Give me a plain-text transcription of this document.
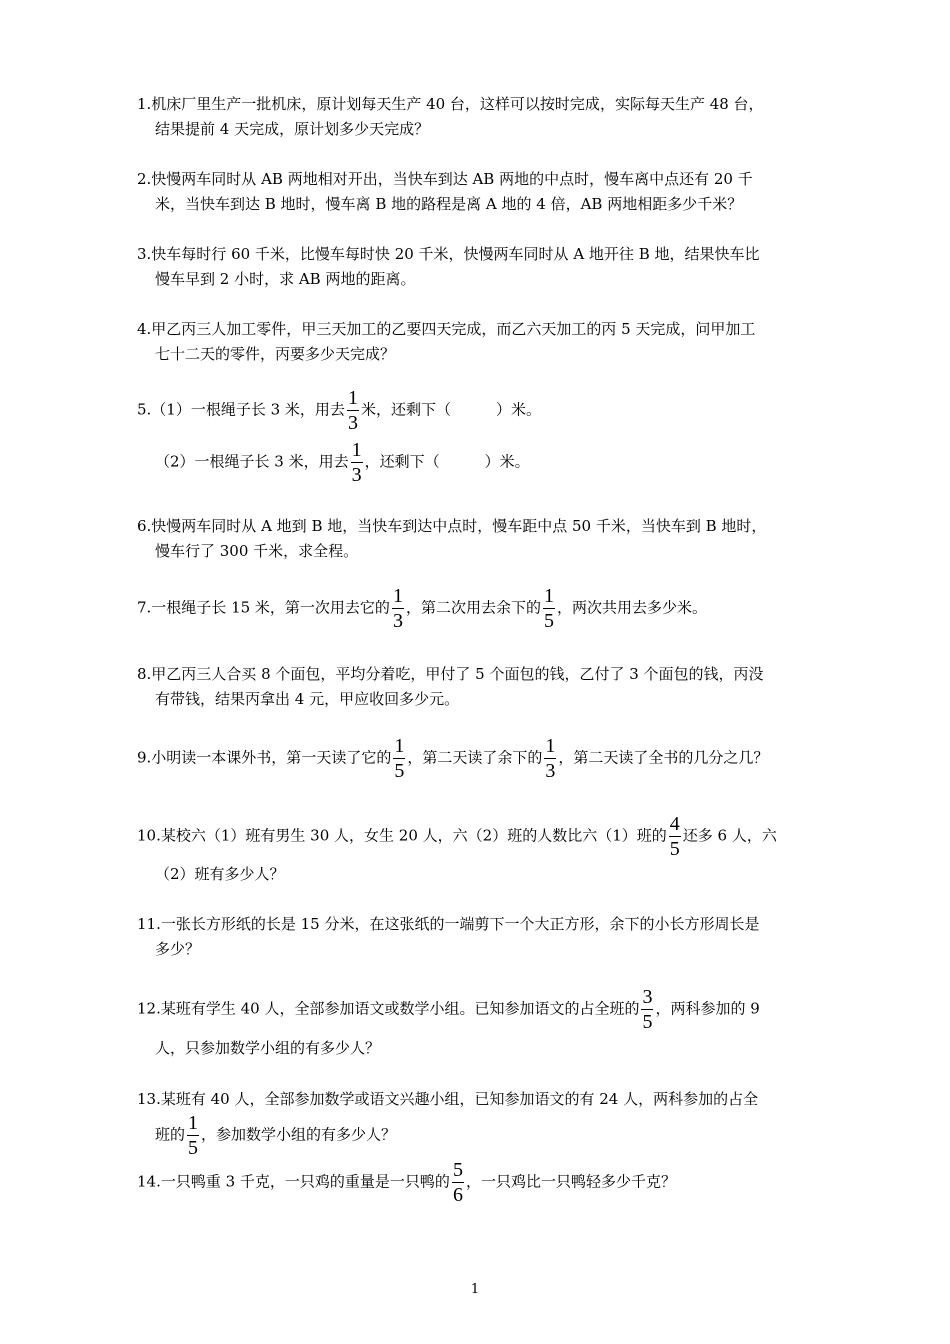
1.机床厂里生产一批机床，原计划每天生产 40 台，这样可以按时完成，实际每天生产 48 台，
结果提前 4 天完成，原计划多少天完成？
2.快慢两车同时从 AB 两地相对开出，当快车到达 AB 两地的中点时，慢车离中点还有 20 千
米，当快车到达 B 地时，慢车离 B 地的路程是离 A 地的 4 倍，AB 两地相距多少千米？
3.快车每时行 60 千米，比慢车每时快 20 千米，快慢两车同时从 A 地开往 B 地，结果快车比
慢车早到 2 小时，求 AB 两地的距离。
4.甲乙丙三人加工零件，甲三天加工的乙要四天完成，而乙六天加工的丙 5 天完成，问甲加工
七十二天的零件，丙要多少天完成？
5.（1）一根绳子长 3 米，用去 $\frac{1}{3}$ 米，还剩下（　　　）米。
（2）一根绳子长 3 米，用去 $\frac{1}{3}$ ，还剩下（　　　）米。
6.快慢两车同时从 A 地到 B 地，当快车到达中点时，慢车距中点 50 千米，当快车到 B 地时，
慢车行了 300 千米，求全程。
7.一根绳子长 15 米，第一次用去它的 $\frac{1}{3}$ ，第二次用去余下的 $\frac{1}{5}$ ，两次共用去多少米。
8.甲乙丙三人合买 8 个面包，平均分着吃，甲付了 5 个面包的钱，乙付了 3 个面包的钱，丙没
有带钱，结果丙拿出 4 元，甲应收回多少元。
9.小明读一本课外书，第一天读了它的 $\frac{1}{5}$ ，第二天读了余下的 $\frac{1}{3}$ ，第二天读了全书的几分之几？
10.某校六（1）班有男生 30 人，女生 20 人，六（2）班的人数比六（1）班的 $\frac{4}{5}$ 还多 6 人，六
（2）班有多少人？
11.一张长方形纸的长是 15 分米，在这张纸的一端剪下一个大正方形，余下的小长方形周长是
多少？
12.某班有学生 40 人，全部参加语文或数学小组。已知参加语文的占全班的 $\frac{3}{5}$ ，两科参加的 9
人，只参加数学小组的有多少人？
13.某班有 40 人，全部参加数学或语文兴趣小组，已知参加语文的有 24 人，两科参加的占全
班的 $\frac{1}{5}$ ，参加数学小组的有多少人？
14.一只鸭重 3 千克，一只鸡的重量是一只鸭的 $\frac{5}{6}$ ，一只鸡比一只鸭轻多少千克？
1
